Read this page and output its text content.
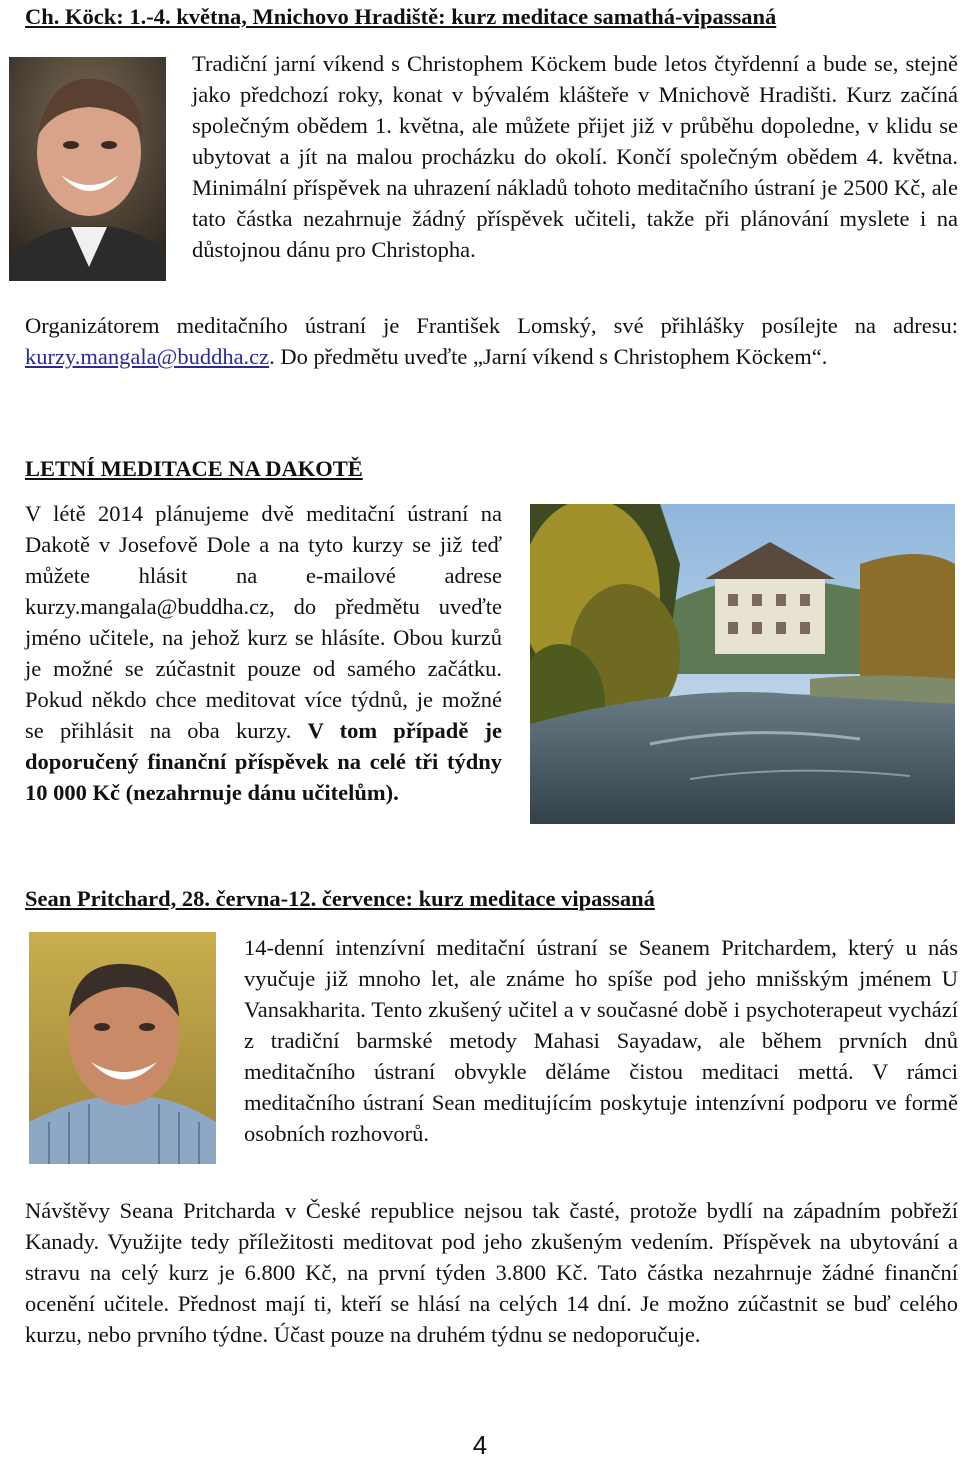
Ch. Köck: 1.-4. května, Mnichovo Hradiště: kurz meditace samathá-vipassaná
Tradiční jarní víkend s Christophem Köckem bude letos čtyřdenní a bude se, stejně jako předchozí roky, konat v bývalém klášteře v Mnichově Hradišti. Kurz začíná společným obědem 1. května, ale můžete přijet již v průběhu dopoledne, v klidu se ubytovat a jít na malou procházku do okolí. Končí společným obědem 4. května. Minimální příspěvek na uhrazení nákladů tohoto meditačního ústraní je 2500 Kč, ale tato částka nezahrnuje žádný příspěvek učiteli, takže při plánování myslete i na důstojnou dánu pro Christopha.
Organizátorem meditačního ústraní je František Lomský, své přihlášky posílejte na adresu: kurzy.mangala@buddha.cz. Do předmětu uveďte „Jarní víkend s Christophem Köckem“.
LETNÍ MEDITACE NA DAKOTĚ
V létě 2014 plánujeme dvě meditační ústraní na Dakotě v Josefově Dole a na tyto kurzy se již teď můžete hlásit na e-mailové adrese kurzy.mangala@buddha.cz, do předmětu uveďte jméno učitele, na jehož kurz se hlásíte. Obou kurzů je možné se zúčastnit pouze od samého začátku. Pokud někdo chce meditovat více týdnů, je možné se přihlásit na oba kurzy. V tom případě je doporučený finanční příspěvek na celé tři týdny 10 000 Kč (nezahrnuje dánu učitelům).
Sean Pritchard, 28. června-12. července: kurz meditace vipassaná
14-denní intenzívní meditační ústraní se Seanem Pritchardem, který u nás vyučuje již mnoho let, ale známe ho spíše pod jeho mnišským jménem U Vansakharita. Tento zkušený učitel a v současné době i psychoterapeut vychází z tradiční barmské metody Mahasi Sayadaw, ale během prvních dnů meditačního ústraní obvykle děláme čistou meditaci mettá. V rámci meditačního ústraní Sean meditujícím poskytuje intenzívní podporu ve formě osobních rozhovorů.
Návštěvy Seana Pritcharda v České republice nejsou tak časté, protože bydlí na západním pobřeží Kanady. Využijte tedy příležitosti meditovat pod jeho zkušeným vedením. Příspěvek na ubytování a stravu na celý kurz je 6.800 Kč, na první týden 3.800 Kč. Tato částka nezahrnuje žádné finanční ocenění učitele. Přednost mají ti, kteří se hlásí na celých 14 dní. Je možno zúčastnit se buď celého kurzu, nebo prvního týdne. Účast pouze na druhém týdnu se nedoporučuje.
4
